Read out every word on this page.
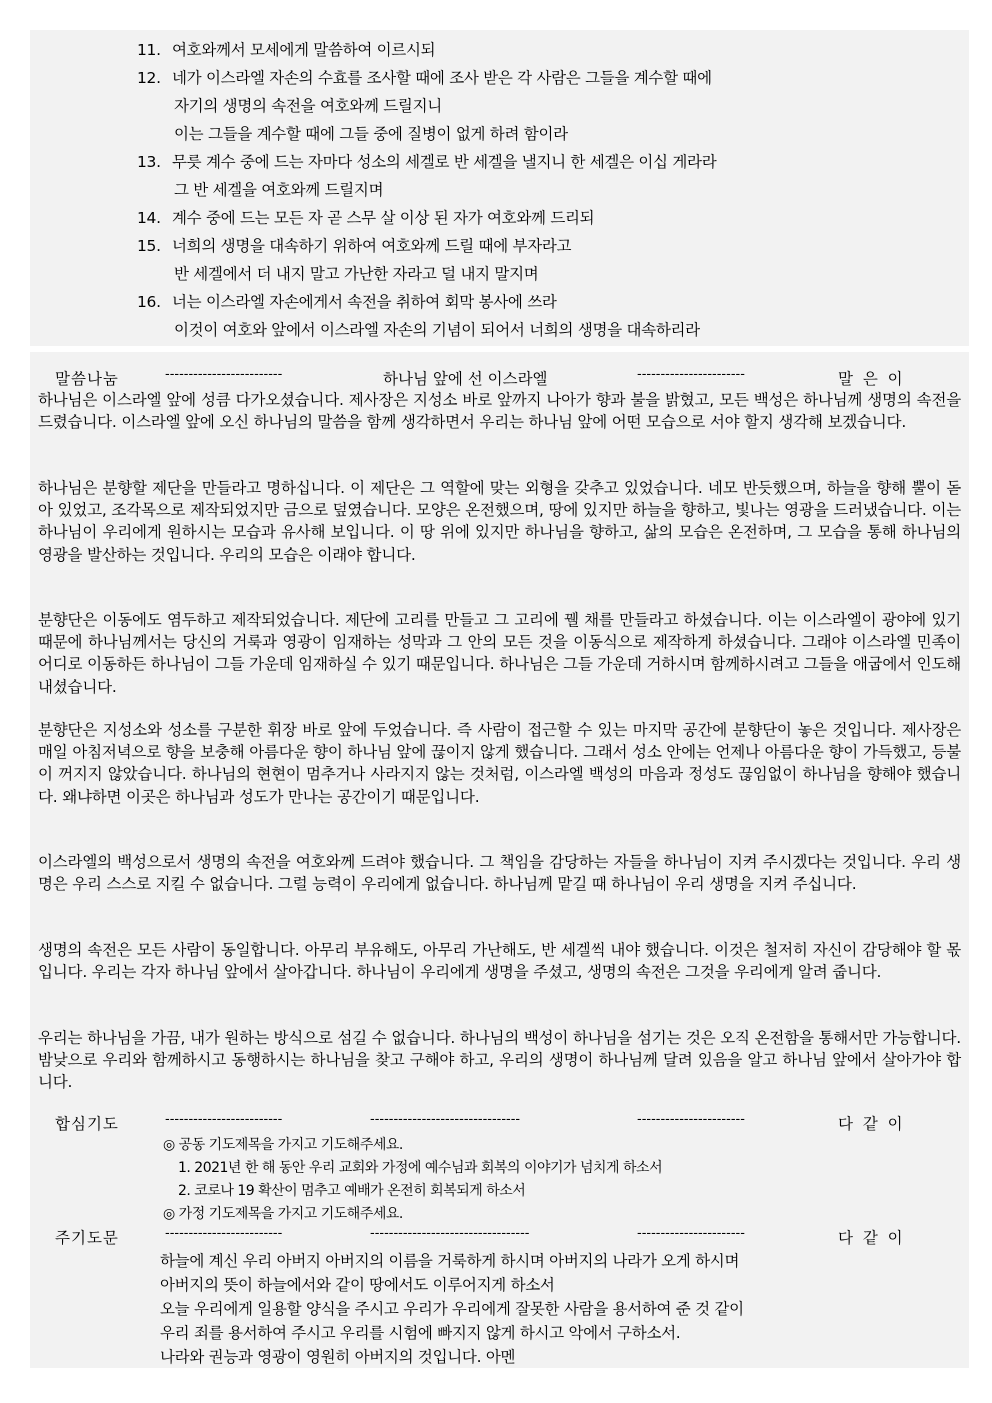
11. 여호와께서 모세에게 말씀하여 이르시되
12. 네가 이스라엘 자손의 수효를 조사할 때에 조사 받은 각 사람은 그들을 계수할 때에
자기의 생명의 속전을 여호와께 드릴지니
이는 그들을 계수할 때에 그들 중에 질병이 없게 하려 함이라
13. 무릇 계수 중에 드는 자마다 성소의 세겔로 반 세겔을 낼지니 한 세겔은 이십 게라라
그 반 세겔을 여호와께 드릴지며
14. 계수 중에 드는 모든 자 곧 스무 살 이상 된 자가 여호와께 드리되
15. 너희의 생명을 대속하기 위하여 여호와께 드릴 때에 부자라고
반 세겔에서 더 내지 말고 가난한 자라고 덜 내지 말지며
16. 너는 이스라엘 자손에게서 속전을 취하여 회막 봉사에 쓰라
이것이 여호와 앞에서 이스라엘 자손의 기념이 되어서 너희의 생명을 대속하리라
말씀나눔	-------------------------	하나님 앞에 선 이스라엘	-----------------------	말  은  이
하나님은 이스라엘 앞에 성큼 다가오셨습니다. 제사장은 지성소 바로 앞까지 나아가 향과 불을 밝혔고, 모든 백성은 하나님께 생명의 속전을 드렸습니다. 이스라엘 앞에 오신 하나님의 말씀을 함께 생각하면서 우리는 하나님 앞에 어떤 모습으로 서야 할지 생각해 보겠습니다.
하나님은 분향할 제단을 만들라고 명하십니다. 이 제단은 그 역할에 맞는 외형을 갖추고 있었습니다. 네모 반듯했으며, 하늘을 향해 뿔이 돋아 있었고, 조각목으로 제작되었지만 금으로 덮였습니다. 모양은 온전했으며, 땅에 있지만 하늘을 향하고, 빛나는 영광을 드러냈습니다. 이는 하나님이 우리에게 원하시는 모습과 유사해 보입니다. 이 땅 위에 있지만 하나님을 향하고, 삶의 모습은 온전하며, 그 모습을 통해 하나님의 영광을 발산하는 것입니다. 우리의 모습은 이래야 합니다.
분향단은 이동에도 염두하고 제작되었습니다. 제단에 고리를 만들고 그 고리에 꿸 채를 만들라고 하셨습니다. 이는 이스라엘이 광야에 있기 때문에 하나님께서는 당신의 거룩과 영광이 임재하는 성막과 그 안의 모든 것을 이동식으로 제작하게 하셨습니다. 그래야 이스라엘 민족이 어디로 이동하든 하나님이 그들 가운데 임재하실 수 있기 때문입니다. 하나님은 그들 가운데 거하시며 함께하시려고 그들을 애굽에서 인도해 내셨습니다.
분향단은 지성소와 성소를 구분한 휘장 바로 앞에 두었습니다. 즉 사람이 접근할 수 있는 마지막 공간에 분향단이 놓은 것입니다. 제사장은 매일 아침저녁으로 향을 보충해 아름다운 향이 하나님 앞에 끊이지 않게 했습니다. 그래서 성소 안에는 언제나 아름다운 향이 가득했고, 등불이 꺼지지 않았습니다. 하나님의 현현이 멈추거나 사라지지 않는 것처럼, 이스라엘 백성의 마음과 정성도 끊임없이 하나님을 향해야 했습니다. 왜냐하면 이곳은 하나님과 성도가 만나는 공간이기 때문입니다.
이스라엘의 백성으로서 생명의 속전을 여호와께 드려야 했습니다. 그 책임을 감당하는 자들을 하나님이 지켜 주시겠다는 것입니다. 우리 생명은 우리 스스로 지킬 수 없습니다. 그럴 능력이 우리에게 없습니다. 하나님께 맡길 때 하나님이 우리 생명을 지켜 주십니다.
생명의 속전은 모든 사람이 동일합니다. 아무리 부유해도, 아무리 가난해도, 반 세겔씩 내야 했습니다. 이것은 철저히 자신이 감당해야 할 몫입니다. 우리는 각자 하나님 앞에서 살아갑니다. 하나님이 우리에게 생명을 주셨고, 생명의 속전은 그것을 우리에게 알려 줍니다.
우리는 하나님을 가끔, 내가 원하는 방식으로 섬길 수 없습니다. 하나님의 백성이 하나님을 섬기는 것은 오직 온전함을 통해서만 가능합니다. 밤낮으로 우리와 함께하시고 동행하시는 하나님을 찾고 구해야 하고, 우리의 생명이 하나님께 달려 있음을 알고 하나님 앞에서 살아가야 합니다.
합심기도	-------------------------	--------------------------------	-----------------------	다  같  이
◎ 공동 기도제목을 가지고 기도해주세요.
1. 2021년 한 해 동안 우리 교회와 가정에 예수님과 회복의 이야기가 넘치게 하소서
2. 코로나 19 확산이 멈추고 예배가 온전히 회복되게 하소서
◎ 가정 기도제목을 가지고 기도해주세요.
주기도문	-------------------------	----------------------------------	-----------------------	다  같  이
하늘에 계신 우리 아버지 아버지의 이름을 거룩하게 하시며 아버지의 나라가 오게 하시며
아버지의 뜻이 하늘에서와 같이 땅에서도 이루어지게 하소서
오늘 우리에게 일용할 양식을 주시고 우리가 우리에게 잘못한 사람을 용서하여 준 것 같이
우리 죄를 용서하여 주시고 우리를 시험에 빠지지 않게 하시고 악에서 구하소서.
나라와 권능과 영광이 영원히 아버지의 것입니다. 아멘
